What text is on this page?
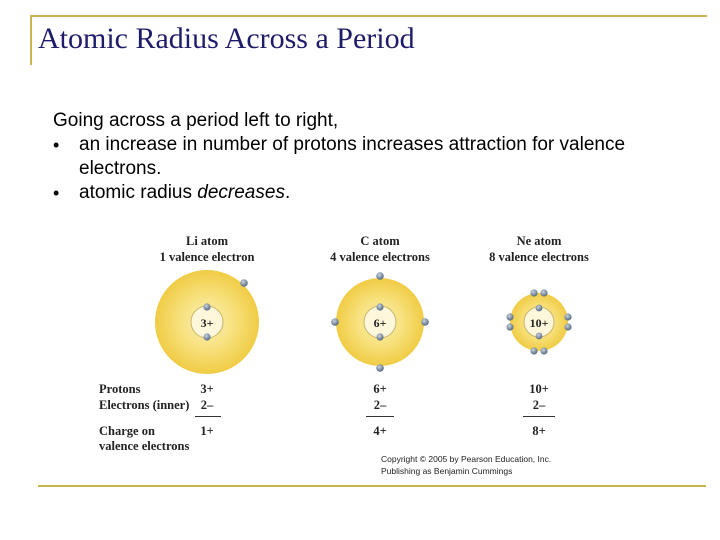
Atomic Radius Across a Period

Going across a period left to right,

• an increase in number of protons increases attraction for valence electrons.
• atomic radius decreases.
Li atom
1 valence electron
C atom
4 valence electrons
Ne atom
8 valence electrons
3+	6+	10+
Protons
Electrons (inner)
Charge on
valence electrons
3+
2–
1+
6+
2–
4+
10+
2–
8+
Copyright © 2005 by Pearson Education, Inc.
Publishing as Benjamin Cummings
